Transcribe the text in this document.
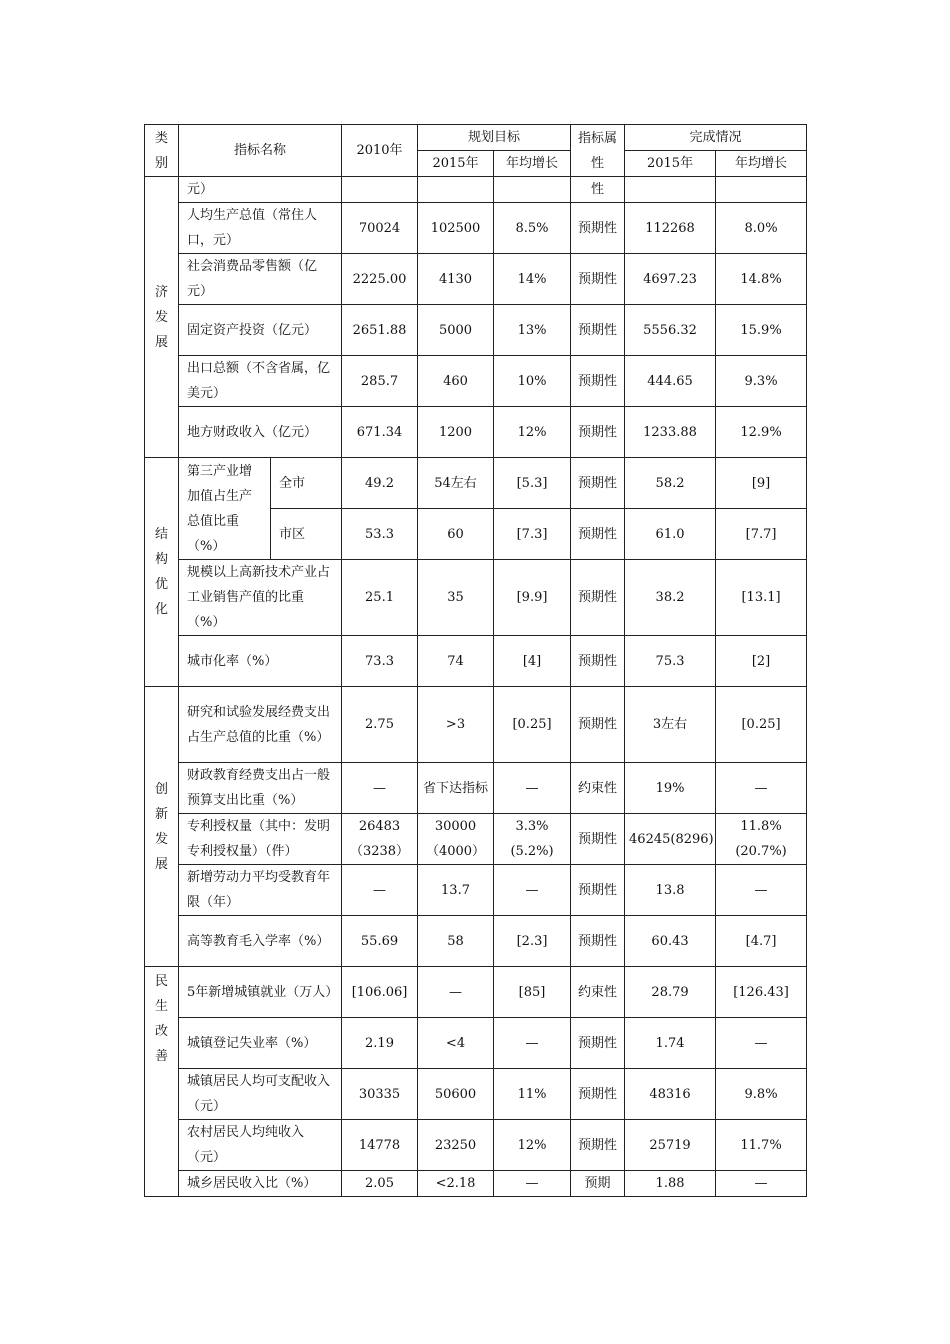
类别	指标名称		2010年	规划目标		指标属性	完成情况	
				2015年	年均增长		2015年	年均增长
济发展	元）					性		
	人均生产总值（常住人口，元）		70024	102500	8.5%	预期性	112268	8.0%
	社会消费品零售额（亿元）		2225.00	4130	14%	预期性	4697.23	14.8%
	固定资产投资（亿元）		2651.88	5000	13%	预期性	5556.32	15.9%
	出口总额（不含省属，亿美元）		285.7	460	10%	预期性	444.65	9.3%
	地方财政收入（亿元）		671.34	1200	12%	预期性	1233.88	12.9%
结构优化	第三产业增加值占生产总值比重（%）	全市	49.2	54左右	[5.3]	预期性	58.2	[9]
		市区	53.3	60	[7.3]	预期性	61.0	[7.7]
	规模以上高新技术产业占工业销售产值的比重（%）		25.1	35	[9.9]	预期性	38.2	[13.1]
	城市化率（%）		73.3	74	[4]	预期性	75.3	[2]
创新发展	研究和试验发展经费支出占生产总值的比重（%）		2.75	>3	[0.25]	预期性	3左右	[0.25]
	财政教育经费支出占一般预算支出比重（%）		—	省下达指标	—	约束性	19%	—
	专利授权量（其中：发明专利授权量）（件）		26483（3238）	30000（4000）	3.3%(5.2%)	预期性	46245(8296)	11.8%(20.7%)
	新增劳动力平均受教育年限（年）		—	13.7	—	预期性	13.8	—
	高等教育毛入学率（%）		55.69	58	[2.3]	预期性	60.43	[4.7]
民生改善	5年新增城镇就业（万人）		[106.06]	—	[85]	约束性	28.79	[126.43]
	城镇登记失业率（%）		2.19	<4	—	预期性	1.74	—
	城镇居民人均可支配收入（元）		30335	50600	11%	预期性	48316	9.8%
	农村居民人均纯收入（元）		14778	23250	12%	预期性	25719	11.7%
	城乡居民收入比（%）		2.05	<2.18	—	预期	1.88	—
